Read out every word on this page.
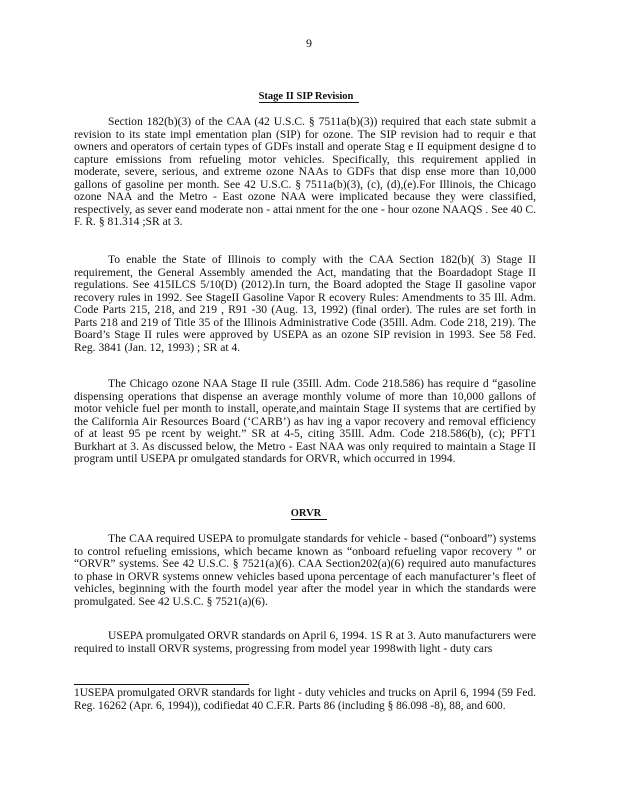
9
Stage II SIP Revision

Section 182(b)(3) of the CAA (42 U.S.C. § 7511a(b)(3)) required that each state submit a revision to its state impl ementation plan (SIP) for ozone. The SIP revision had to requir e that owners and operators of certain types of GDFs install and operate Stag e II equipment designe d to capture emissions from refueling motor vehicles. Specifically, this requirement applied in moderate, severe, serious, and extreme ozone NAAs to GDFs that disp ense more than 10,000 gallons of gasoline per month. See 42 U.S.C. § 7511a(b)(3), (c), (d),(e).For Illinois, the Chicago ozone NAA and the Metro - East ozone NAA were implicated because they were classified, respectively, as sever eand moderate non - attai nment for the one - hour ozone NAAQS . See 40 C. F. R. § 81.314 ;SR at 3.

To enable the State of Illinois to comply with the CAA Section 182(b)( 3) Stage II requirement, the General Assembly amended the Act, mandating that the Boardadopt Stage II regulations. See 415ILCS 5/10(D) (2012).In turn, the Board adopted the Stage II gasoline vapor recovery rules in 1992. See StageII Gasoline Vapor R ecovery Rules: Amendments to 35 Ill. Adm. Code Parts 215, 218, and 219 , R91 -30 (Aug. 13, 1992) (final order). The rules are set forth in Parts 218 and 219 of Title 35 of the Illinois Administrative Code (35Ill. Adm. Code 218, 219). The Board’s Stage II rules were approved by USEPA as an ozone SIP revision in 1993. See 58 Fed. Reg. 3841 (Jan. 12, 1993) ; SR at 4.

The Chicago ozone NAA Stage II rule (35Ill. Adm. Code 218.586) has require d “gasoline dispensing operations that dispense an average monthly volume of more than 10,000 gallons of motor vehicle fuel per month to install, operate,and maintain Stage II systems that are certified by the California Air Resources Board (‘CARB’) as hav ing a vapor recovery and removal efficiency of at least 95 pe rcent by weight.” SR at 4-5, citing 35Ill. Adm. Code 218.586(b), (c); PFT1 Burkhart at 3. As discussed below, the Metro - East NAA was only required to maintain a Stage II program until USEPA pr omulgated standards for ORVR, which occurred in 1994.

ORVR

The CAA required USEPA to promulgate standards for vehicle - based (“onboard”) systems to control refueling emissions, which became known as “onboard refueling vapor recovery ” or “ORVR” systems. See 42 U.S.C. § 7521(a)(6). CAA Section202(a)(6) required auto manufactures to phase in ORVR systems onnew vehicles based upona percentage of each manufacturer’s fleet of vehicles, beginning with the fourth model year after the model year in which the standards were promulgated. See 42 U.S.C. § 7521(a)(6).

USEPA promulgated ORVR standards on April 6, 1994. 1S R at 3. Auto manufacturers were required to install ORVR systems, progressing from model year 1998with light - duty cars

1USEPA promulgated ORVR standards for light - duty vehicles and trucks on April 6, 1994 (59 Fed. Reg. 16262 (Apr. 6, 1994)), codifiedat 40 C.F.R. Parts 86 (including § 86.098 -8), 88, and 600.
